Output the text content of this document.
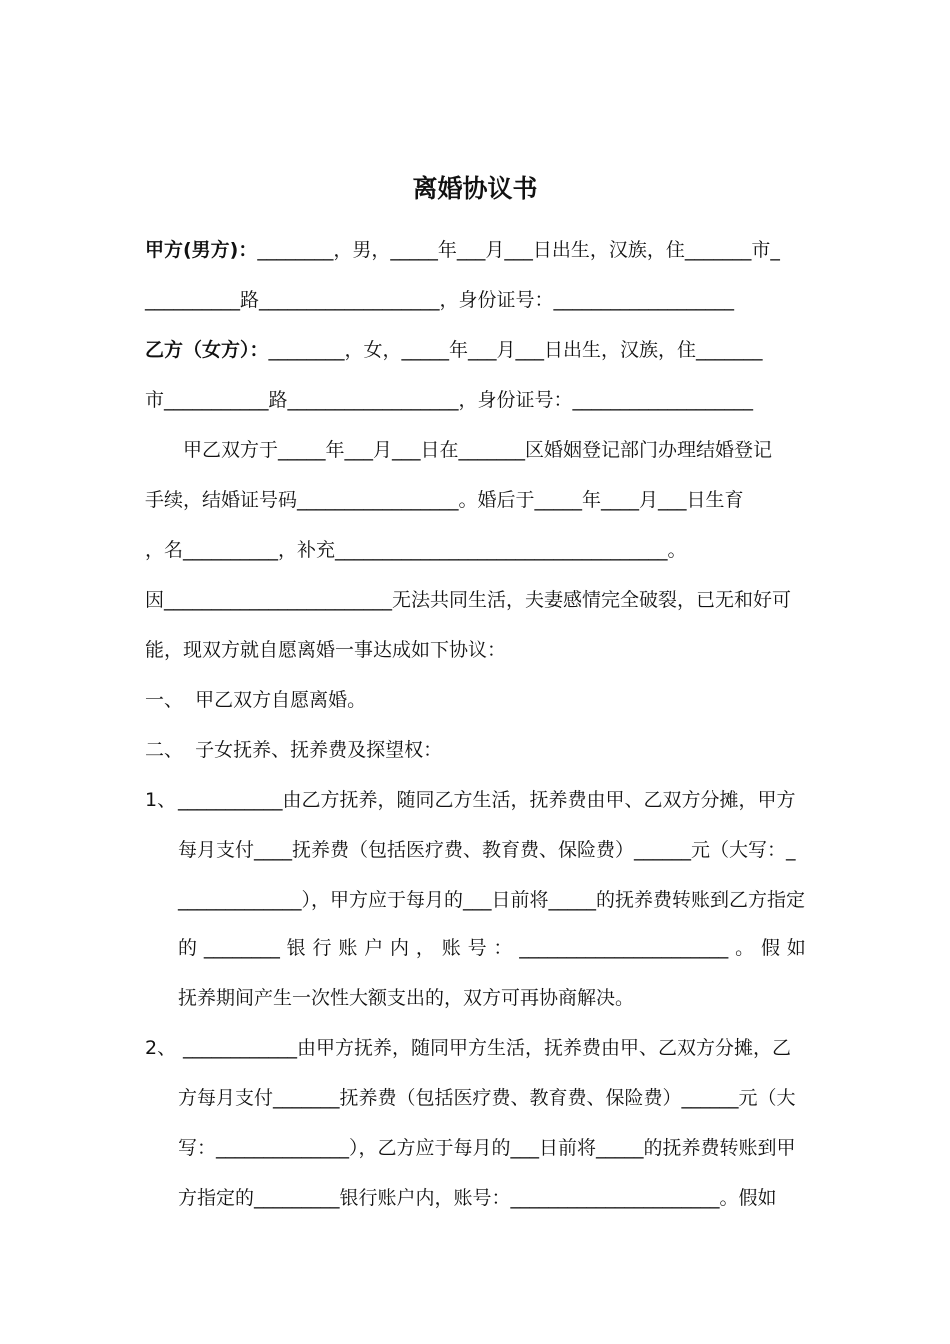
离婚协议书
甲方(男方)：________，男，_____年___月___日出生，汉族，住_______市_
__________路___________________，身份证号：___________________
乙方（女方）：________，女，_____年___月___日出生，汉族，住_______
市___________路__________________，身份证号：___________________
甲乙双方于_____年___月___日在_______区婚姻登记部门办理结婚登记
手续，结婚证号码_________________。婚后于_____年____月___日生育
，名__________，补充___________________________________。
因________________________无法共同生活，夫妻感情完全破裂，已无和好可
能，现双方就自愿离婚一事达成如下协议：
一、  甲乙双方自愿离婚。
二、  子女抚养、抚养费及探望权：
1、 ___________由乙方抚养，随同乙方生活，抚养费由甲、乙双方分摊，甲方
每月支付____抚养费（包括医疗费、教育费、保险费）______元（大写：_
_____________），甲方应于每月的___日前将_____的抚养费转账到乙方指定
的 ________ 银 行 账 户 内 ， 账 号 ： ______________________ 。 假 如
抚养期间产生一次性大额支出的，双方可再协商解决。
2、 ____________由甲方抚养，随同甲方生活，抚养费由甲、乙双方分摊，乙
方每月支付_______抚养费（包括医疗费、教育费、保险费）______元（大
写：______________），乙方应于每月的___日前将_____的抚养费转账到甲
方指定的_________银行账户内，账号：______________________。假如
